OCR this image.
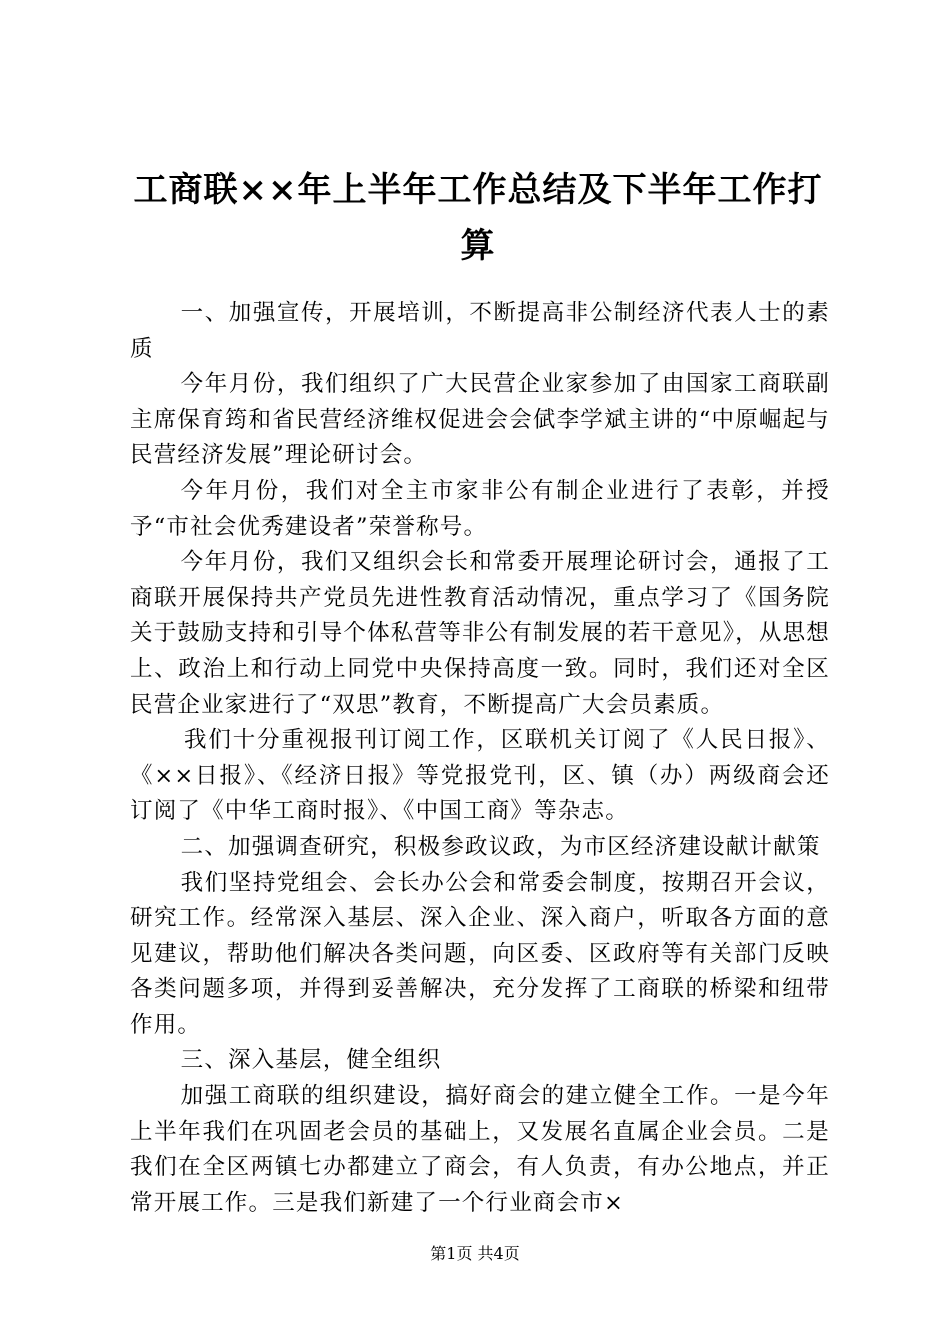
工商联××年上半年工作总结及下半年工作打算

一、加强宣传，开展培训，不断提高非公制经济代表人士的素质

今年月份，我们组织了广大民营企业家参加了由国家工商联副主席保育筠和省民营经济维权促进会会倵李学斌主讲的“中原崛起与民营经济发展”理论研讨会。

今年月份，我们对全主市家非公有制企业进行了表彰，并授予“市社会优秀建设者”荣誉称号。

今年月份，我们又组织会长和常委开展理论研讨会，通报了工商联开展保持共产党员先进性教育活动情况，重点学习了《国务院关于鼓励支持和引导个体私营等非公有制发展的若干意见》，从思想上、政治上和行动上同党中央保持高度一致。同时，我们还对全区民营企业家进行了“双思”教育，不断提高广大会员素质。

我们十分重视报刊订阅工作，区联机关订阅了《人民日报》、《××日报》、《经济日报》等党报党刊，区、镇（办）两级商会还订阅了《中华工商时报》、《中国工商》等杂志。

二、加强调查研究，积极参政议政，为市区经济建设献计献策

我们坚持党组会、会长办公会和常委会制度，按期召开会议，研究工作。经常深入基层、深入企业、深入商户，听取各方面的意见建议，帮助他们解决各类问题，向区委、区政府等有关部门反映各类问题多项，并得到妥善解决，充分发挥了工商联的桥梁和纽带作用。

三、深入基层，健全组织

加强工商联的组织建设，搞好商会的建立健全工作。一是今年上半年我们在巩固老会员的基础上，又发展名直属企业会员。二是我们在全区两镇七办都建立了商会，有人负责，有办公地点，并正常开展工作。三是我们新建了一个行业商会市×

第1页 共4页
